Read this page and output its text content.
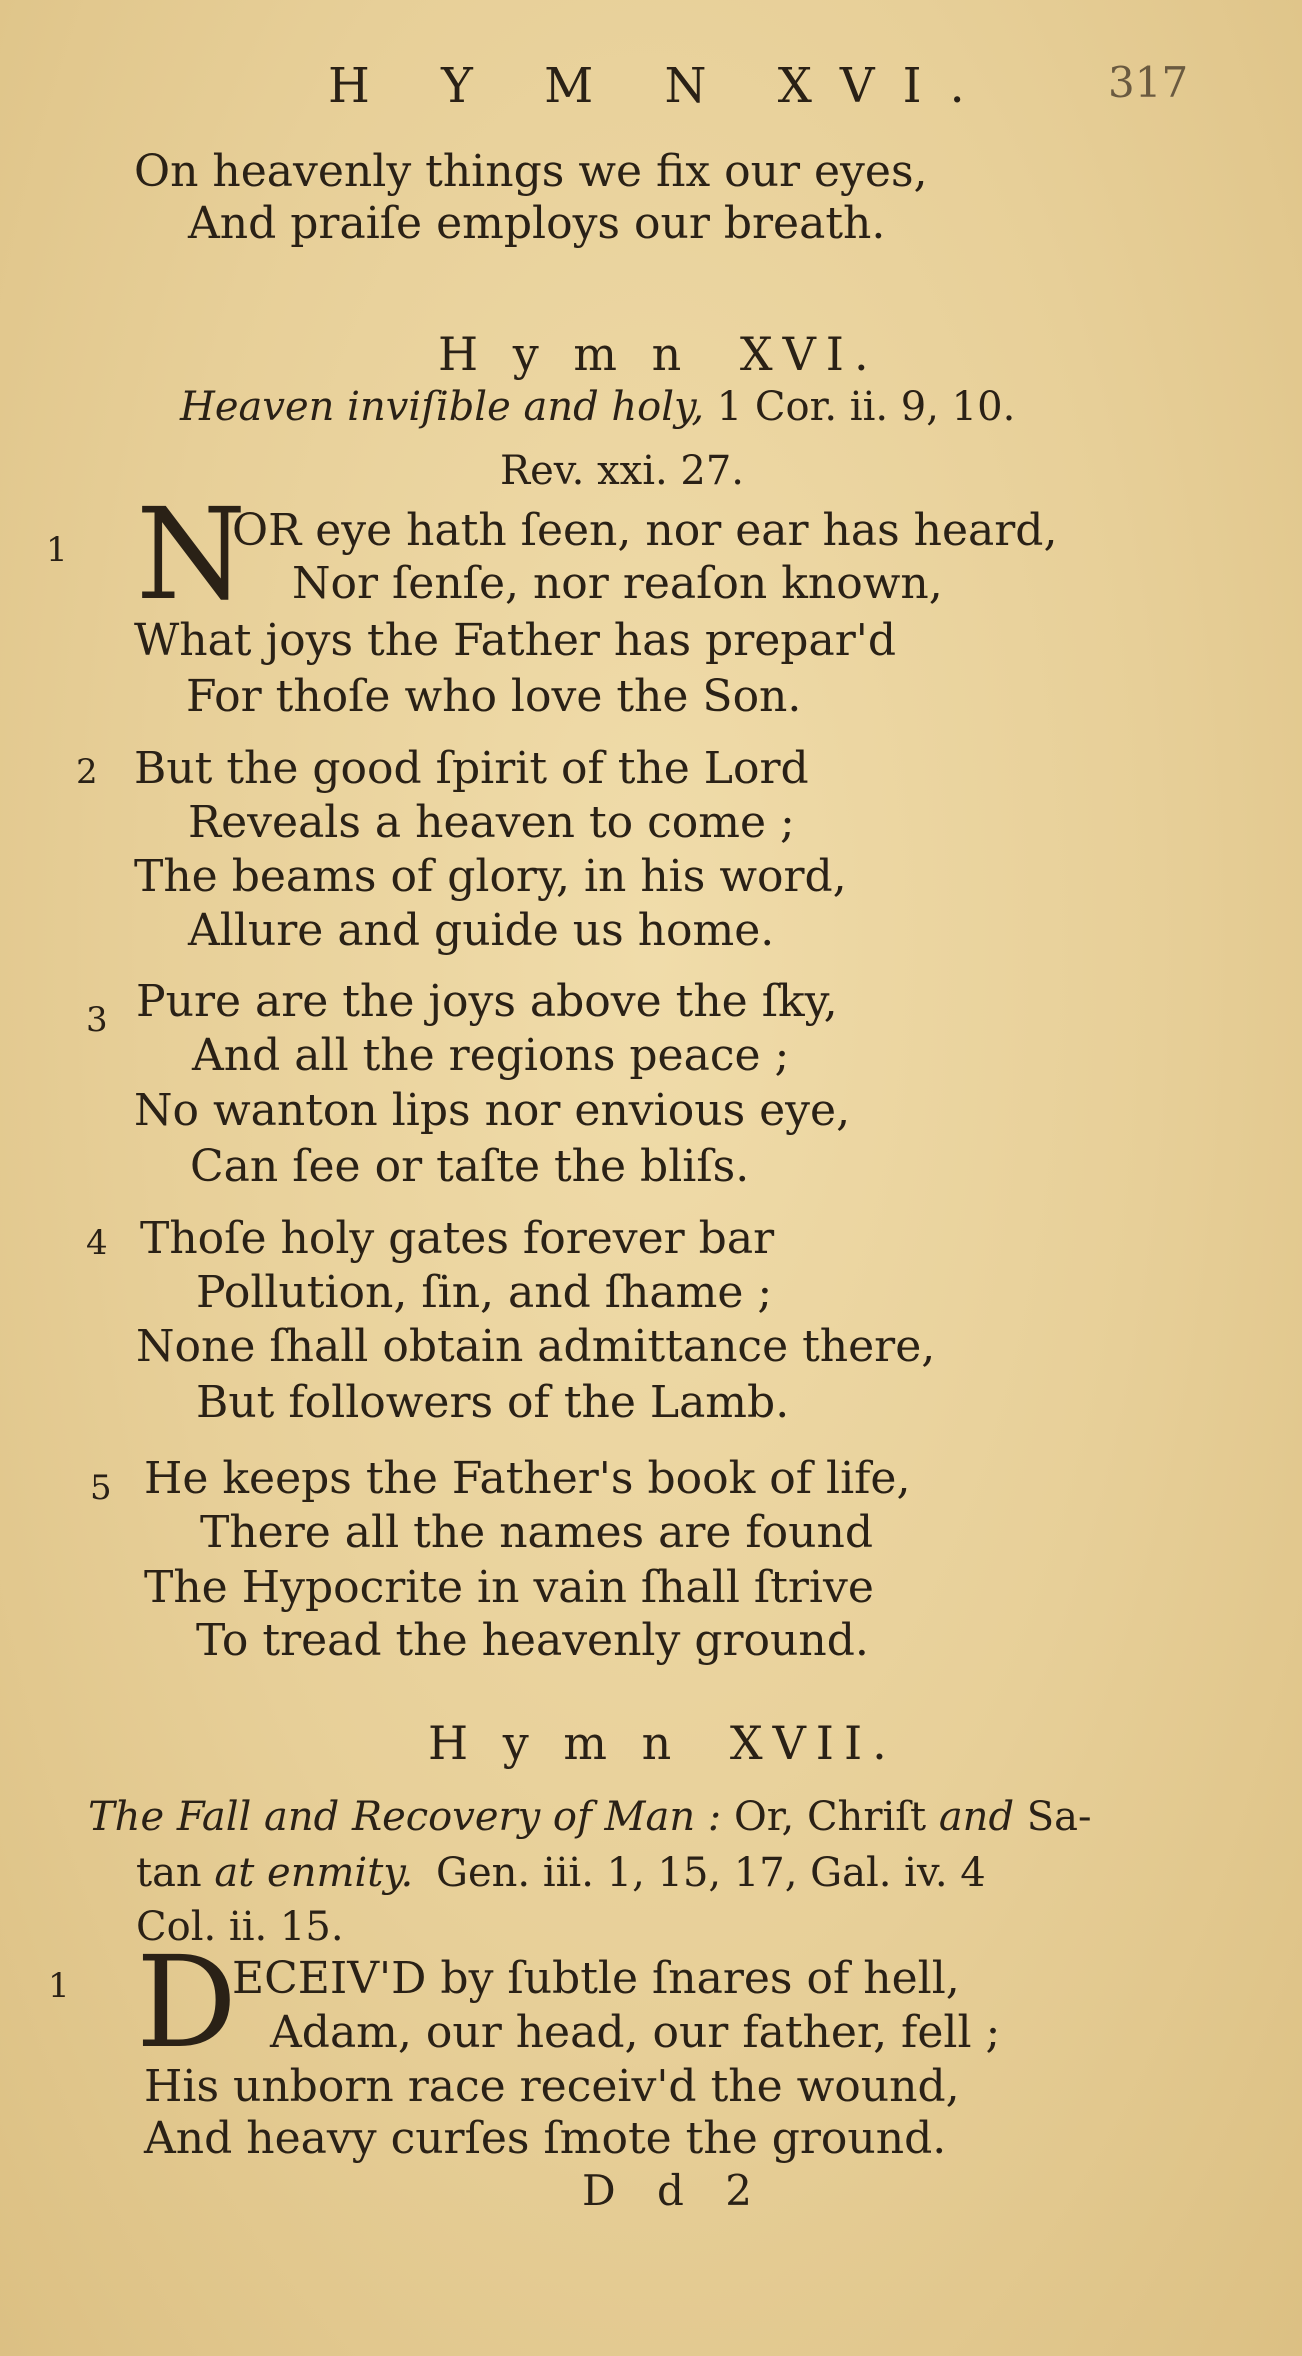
H Y M N XVI.	317
On heavenly things we fix our eyes,
And praiſe employs our breath.
H y m n XVI.
Heaven inviſible and holy, 1 Cor. ii. 9, 10.
Rev. xxi. 27.
1 N
OR eye hath ſeen, nor ear has heard,
Nor ſenſe, nor reaſon known,
What joys the Father has prepar'd
For thoſe who love the Son.
2 But the good ſpirit of the Lord
Reveals a heaven to come ;
The beams of glory, in his word,
Allure and guide us home.
3 Pure are the joys above the ſky,
And all the regions peace ;
No wanton lips nor envious eye,
Can ſee or taſte the bliſs.
4 Thoſe holy gates forever bar
Pollution, ſin, and ſhame ;
None ſhall obtain admittance there,
But followers of the Lamb.
5 He keeps the Father's book of life,
There all the names are found
The Hypocrite in vain ſhall ſtrive
To tread the heavenly ground.
H y m n XVII.
The Fall and Recovery of Man : Or, Chriſt and Sa-
tan at enmity. Gen. iii. 1, 15, 17, Gal. iv. 4
Col. ii. 15.
1 D
ECEIV'D by ſubtle ſnares of hell,
Adam, our head, our father, fell ;
His unborn race receiv'd the wound,
And heavy curſes ſmote the ground.
D d 2
